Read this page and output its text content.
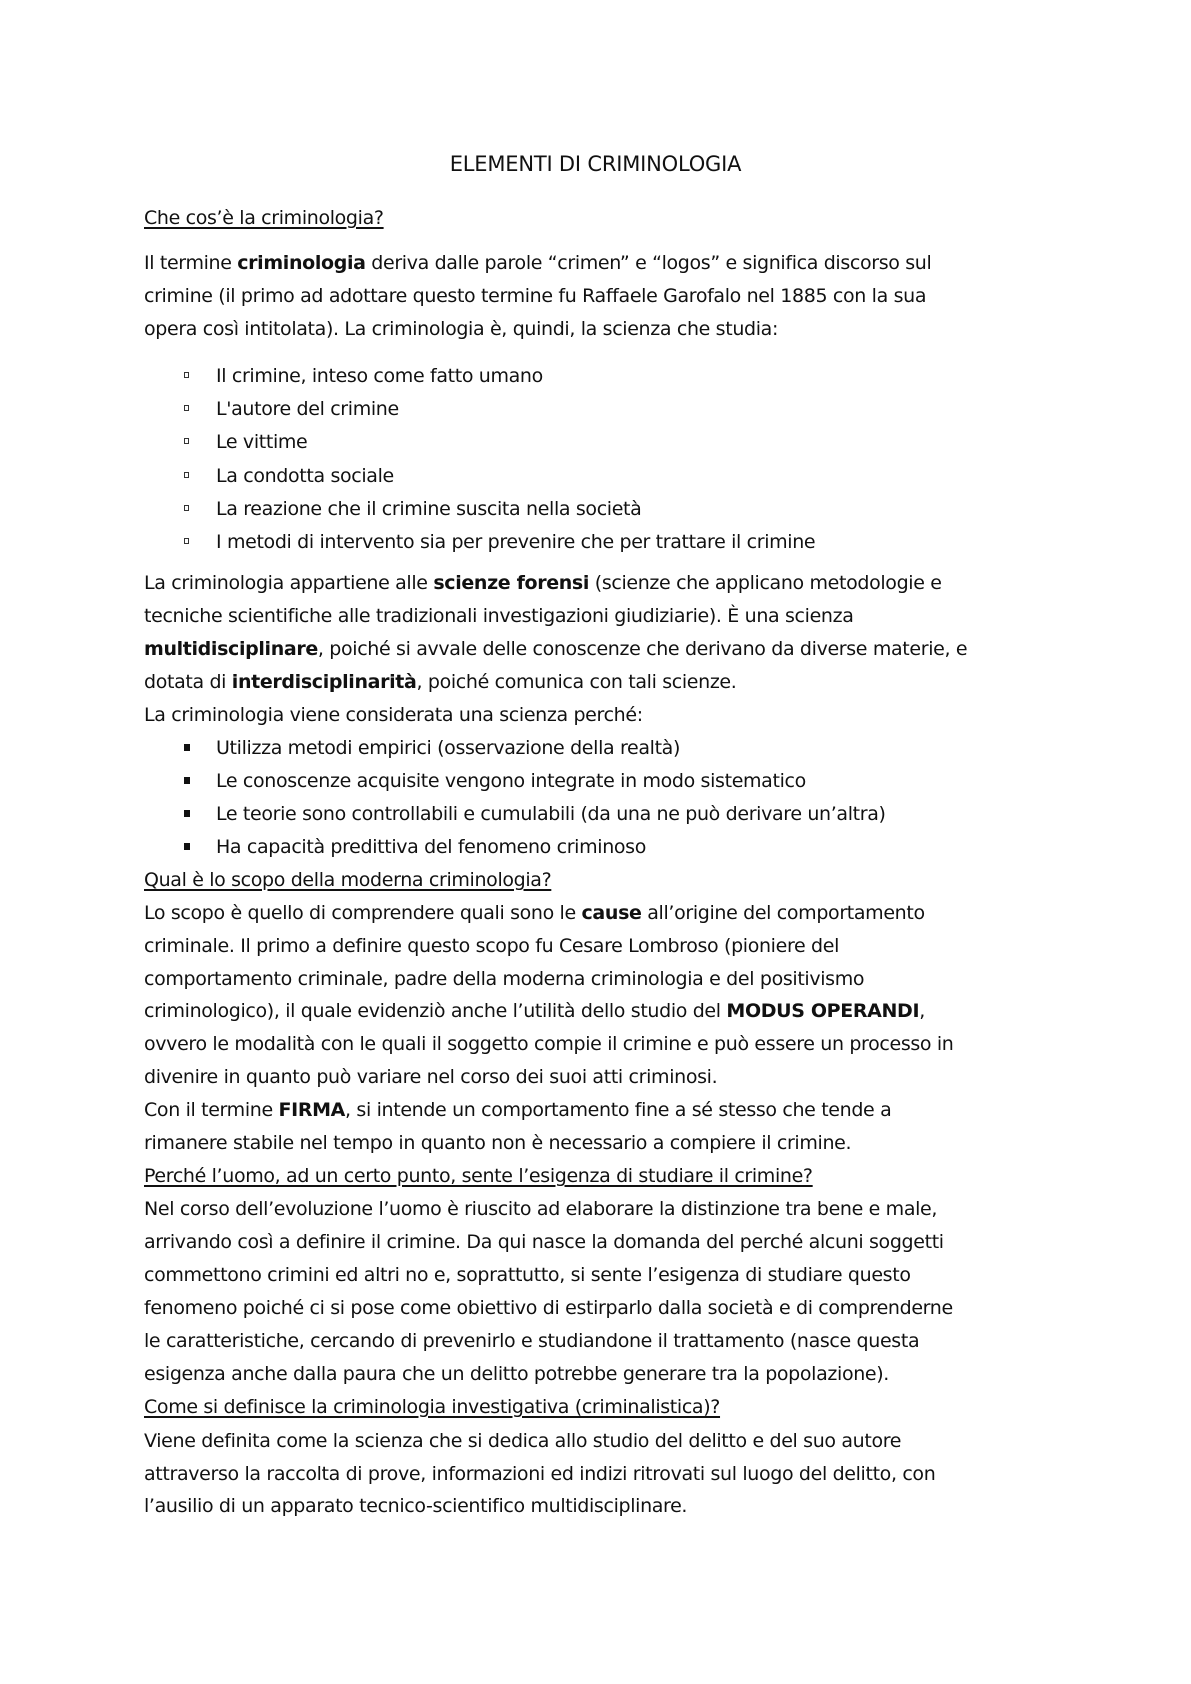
ELEMENTI DI CRIMINOLOGIA
Che cos’è la criminologia?
Il termine criminologia deriva dalle parole “crimen” e “logos” e significa discorso sul
crimine (il primo ad adottare questo termine fu Raffaele Garofalo nel 1885 con la sua
opera così intitolata). La criminologia è, quindi, la scienza che studia:
Il crimine, inteso come fatto umano
L'autore del crimine
Le vittime
La condotta sociale
La reazione che il crimine suscita nella società
I metodi di intervento sia per prevenire che per trattare il crimine
La criminologia appartiene alle scienze forensi (scienze che applicano metodologie e
tecniche scientifiche alle tradizionali investigazioni giudiziarie). È una scienza
multidisciplinare, poiché si avvale delle conoscenze che derivano da diverse materie, e
dotata di interdisciplinarità, poiché comunica con tali scienze.
La criminologia viene considerata una scienza perché:
Utilizza metodi empirici (osservazione della realtà)
Le conoscenze acquisite vengono integrate in modo sistematico
Le teorie sono controllabili e cumulabili (da una ne può derivare un’altra)
Ha capacità predittiva del fenomeno criminoso
Qual è lo scopo della moderna criminologia?
Lo scopo è quello di comprendere quali sono le cause all’origine del comportamento
criminale. Il primo a definire questo scopo fu Cesare Lombroso (pioniere del
comportamento criminale, padre della moderna criminologia e del positivismo
criminologico), il quale evidenziò anche l’utilità dello studio del MODUS OPERANDI,
ovvero le modalità con le quali il soggetto compie il crimine e può essere un processo in
divenire in quanto può variare nel corso dei suoi atti criminosi.
Con il termine FIRMA, si intende un comportamento fine a sé stesso che tende a
rimanere stabile nel tempo in quanto non è necessario a compiere il crimine.
Perché l’uomo, ad un certo punto, sente l’esigenza di studiare il crimine?
Nel corso dell’evoluzione l’uomo è riuscito ad elaborare la distinzione tra bene e male,
arrivando così a definire il crimine. Da qui nasce la domanda del perché alcuni soggetti
commettono crimini ed altri no e, soprattutto, si sente l’esigenza di studiare questo
fenomeno poiché ci si pose come obiettivo di estirparlo dalla società e di comprenderne
le caratteristiche, cercando di prevenirlo e studiandone il trattamento (nasce questa
esigenza anche dalla paura che un delitto potrebbe generare tra la popolazione).
Come si definisce la criminologia investigativa (criminalistica)?
Viene definita come la scienza che si dedica allo studio del delitto e del suo autore
attraverso la raccolta di prove, informazioni ed indizi ritrovati sul luogo del delitto, con
l’ausilio di un apparato tecnico-scientifico multidisciplinare.
